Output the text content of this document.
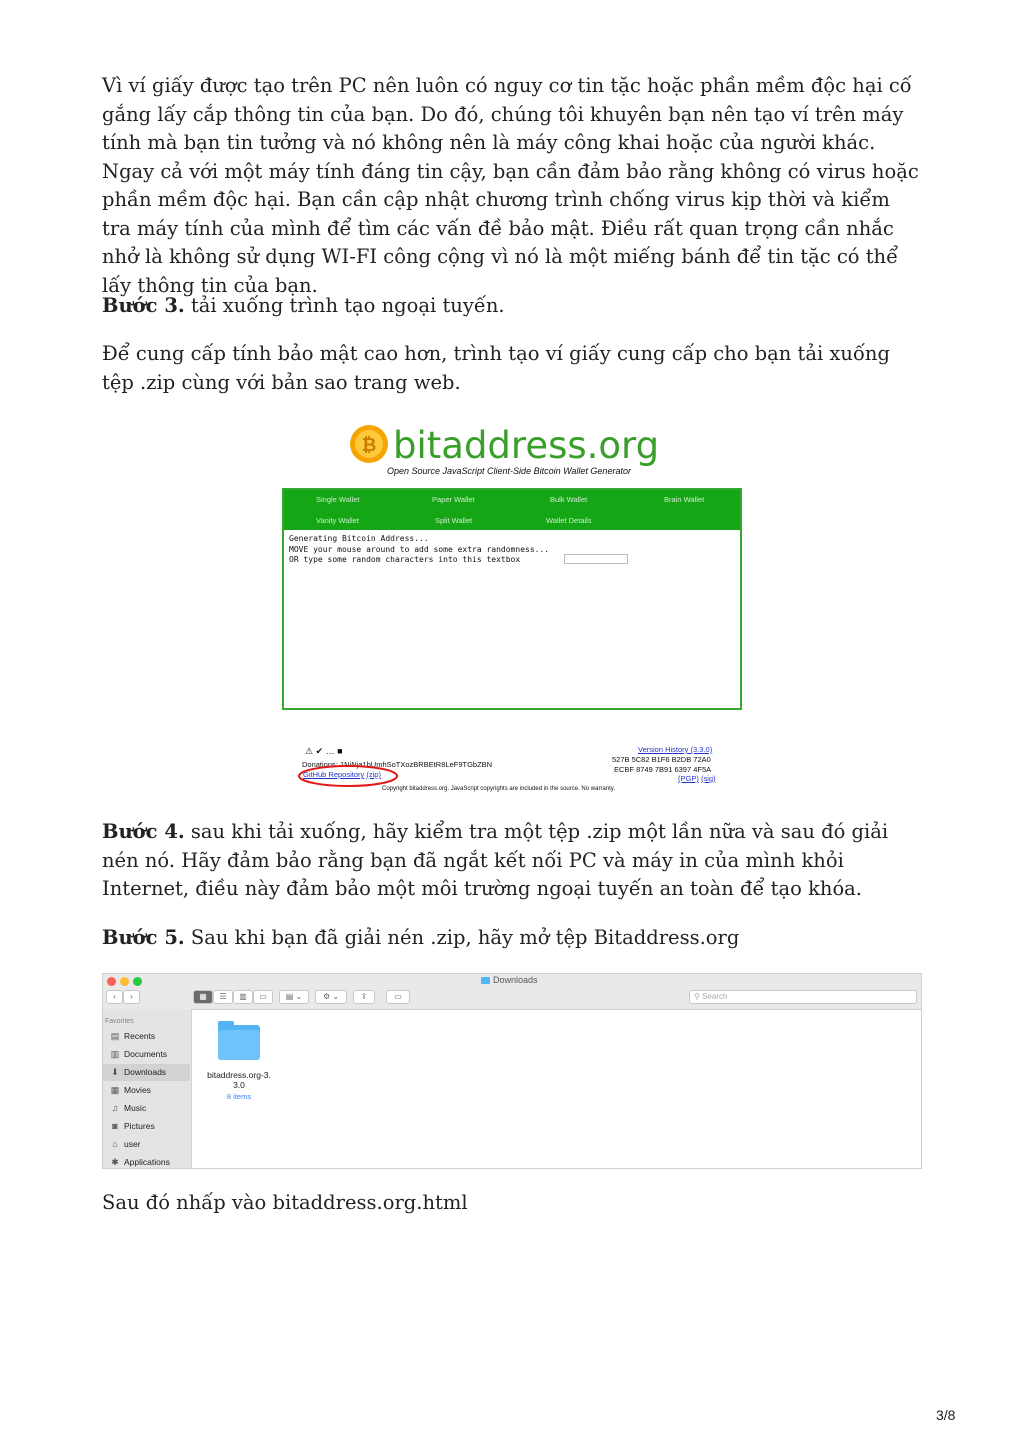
Vì ví giấy được tạo trên PC nên luôn có nguy cơ tin tặc hoặc phần mềm độc hại cố gắng lấy cắp thông tin của bạn. Do đó, chúng tôi khuyên bạn nên tạo ví trên máy tính mà bạn tin tưởng và nó không nên là máy công khai hoặc của người khác. Ngay cả với một máy tính đáng tin cậy, bạn cần đảm bảo rằng không có virus hoặc phần mềm độc hại. Bạn cần cập nhật chương trình chống virus kịp thời và kiểm tra máy tính của mình để tìm các vấn đề bảo mật. Điều rất quan trọng cần nhắc nhở là không sử dụng WI-FI công cộng vì nó là một miếng bánh để tin tặc có thể lấy thông tin của bạn.

Bước 3. tải xuống trình tạo ngoại tuyến.

Để cung cấp tính bảo mật cao hơn, trình tạo ví giấy cung cấp cho bạn tải xuống tệp .zip cùng với bản sao trang web.

₿ bitaddress.org
Open Source JavaScript Client-Side Bitcoin Wallet Generator
Single Wallet	Paper Wallet	Bulk Wallet	Brain Wallet
Vanity Wallet	Split Wallet	Wallet Details
Generating Bitcoin Address...
MOVE your mouse around to add some extra randomness...
OR type some random characters into this textbox
⚠ ✔ … ■
Donations: 1NiNja1bUmhSoTXozBRBEtR8LeF9TGbZBN
GitHub Repository (zip)
Version History (3.3.0)
527B 5C82 B1F6 B2DB 72A0
ECBF 8749 7B91 6397 4F5A
(PGP) (sig)
Copyright bitaddress.org. JavaScript copyrights are included in the source. No warranty.

Bước 4. sau khi tải xuống, hãy kiểm tra một tệp .zip một lần nữa và sau đó giải nén nó. Hãy đảm bảo rằng bạn đã ngắt kết nối PC và máy in của mình khỏi Internet, điều này đảm bảo một môi trường ngoại tuyến an toàn để tạo khóa.

Bước 5. Sau khi bạn đã giải nén .zip, hãy mở tệp Bitaddress.org

Downloads
‹	›	▦	☰	▥	▭	▤ ⌄	⚙ ⌄	⇪	▭	⚲ Search
Favorites
▤ Recents
▥ Documents
⬇ Downloads
▦ Movies
♫ Music
◙ Pictures
⌂ user
✱ Applications
bitaddress.org-3.
3.0
8 items

Sau đó nhấp vào bitaddress.org.html

3/8
